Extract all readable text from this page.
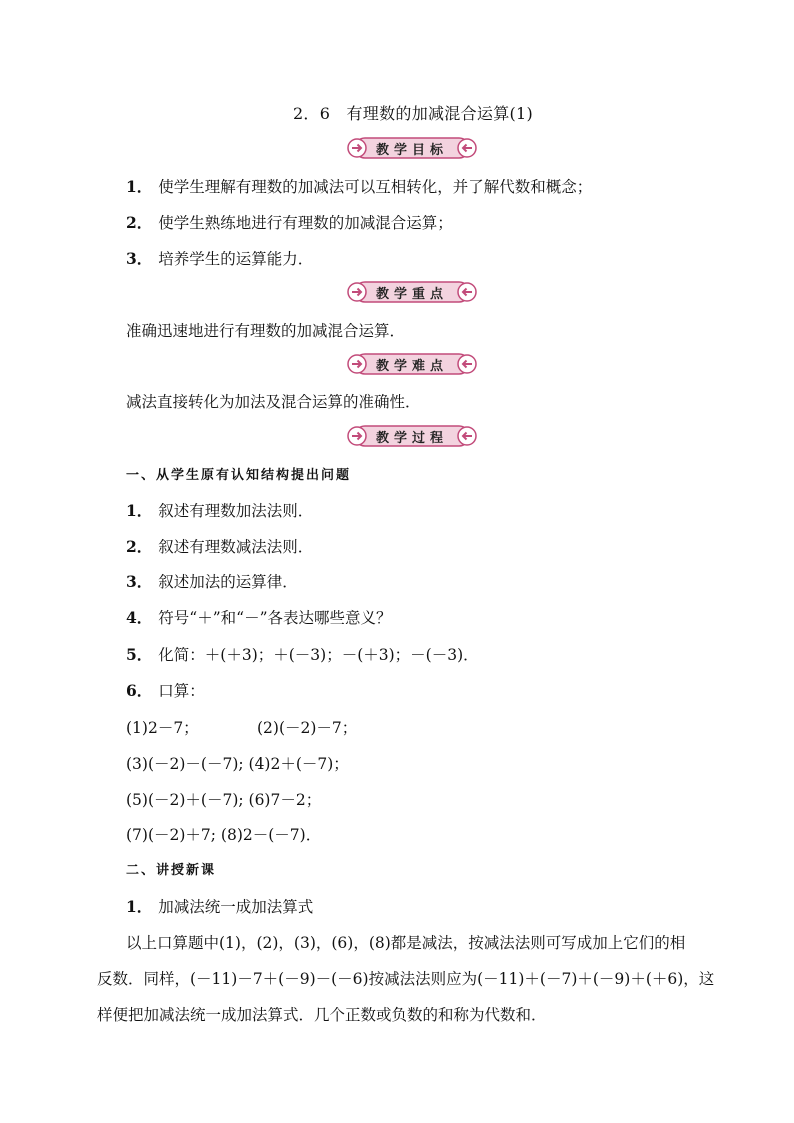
2．6　有理数的加减混合运算(1)
教学目标
1． 使学生理解有理数的加减法可以互相转化，并了解代数和概念；
2． 使学生熟练地进行有理数的加减混合运算；
3． 培养学生的运算能力．
教学重点
准确迅速地进行有理数的加减混合运算．
教学难点
减法直接转化为加法及混合运算的准确性．
教学过程
一、从学生原有认知结构提出问题
1． 叙述有理数加法法则．
2． 叙述有理数减法法则．
3． 叙述加法的运算律．
4． 符号“＋”和“－”各表达哪些意义？
5． 化简：＋(＋3)；＋(－3)；－(＋3)；－(－3)．
6． 口算：
(1)2－7；	(2)(－2)－7；
(3)(－2)－(－7); (4)2＋(－7)；
(5)(－2)＋(－7); (6)7－2；
(7)(－2)＋7; (8)2－(－7)．
二、讲授新课
1． 加减法统一成加法算式
以上口算题中(1)，(2)，(3)，(6)，(8)都是减法，按减法法则可写成加上它们的相
反数．同样，(－11)－7＋(－9)－(－6)按减法法则应为(－11)＋(－7)＋(－9)＋(＋6)，这
样便把加减法统一成加法算式．几个正数或负数的和称为代数和．
